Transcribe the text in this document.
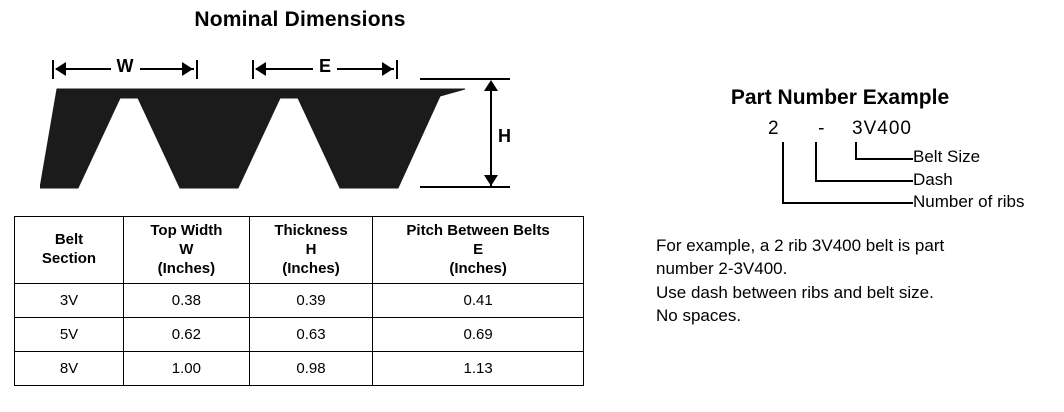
Nominal Dimensions
W	E
H
Belt
Section

Top Width
W
(Inches)

Thickness
H
(Inches)

Pitch Between Belts
E
(Inches)

3V	0.38	0.39	0.41
5V	0.62	0.63	0.69
8V	1.00	0.98	1.13
Part Number Example
2 - 3V400
Belt Size
Dash
Number of ribs
For example, a 2 rib 3V400 belt is part
number 2-3V400.
Use dash between ribs and belt size.
No spaces.
